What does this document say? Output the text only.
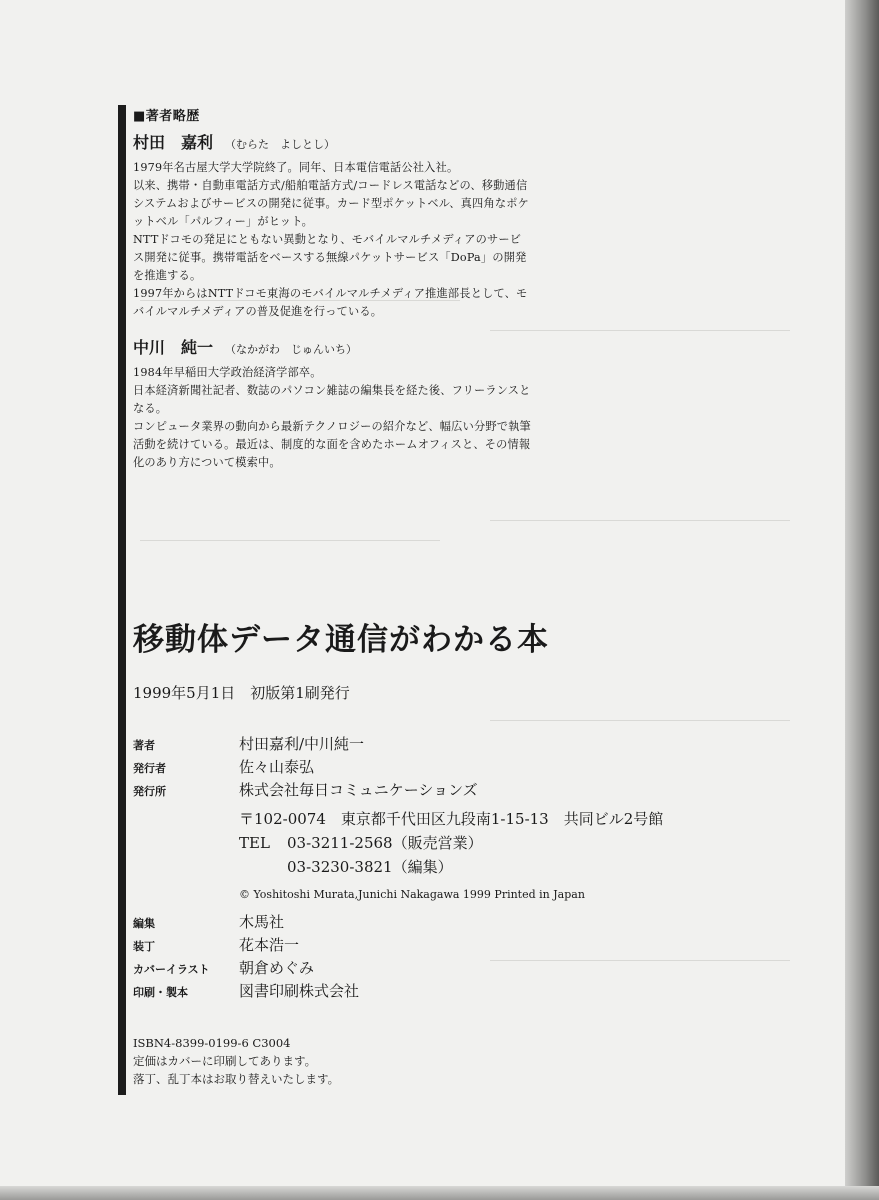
■著者略歴
村田　嘉利 （むらた　よしとし）

1979年名古屋大学大学院終了。同年、日本電信電話公社入社。

以来、携帯・自動車電話方式/船舶電話方式/コードレス電話などの、移動通信

システムおよびサービスの開発に従事。カード型ポケットベル、真四角なポケ

ットベル「パルフィー」がヒット。

NTTドコモの発足にともない異動となり、モバイルマルチメディアのサービ

ス開発に従事。携帯電話をベースする無線パケットサービス「DoPa」の開発

を推進する。

1997年からはNTTドコモ東海のモバイルマルチメディア推進部長として、モ

バイルマルチメディアの普及促進を行っている。

中川　純一 （なかがわ　じゅんいち）

1984年早稲田大学政治経済学部卒。

日本経済新聞社記者、数誌のパソコン雑誌の編集長を経た後、フリーランスと

なる。

コンピュータ業界の動向から最新テクノロジーの紹介など、幅広い分野で執筆

活動を続けている。最近は、制度的な面を含めたホームオフィスと、その情報

化のあり方について模索中。

移動体データ通信がわかる本
1999年5月1日　初版第1刷発行
著者	村田嘉利/中川純一
発行者	佐々山泰弘
発行所	株式会社毎日コミュニケーションズ
〒102-0074　東京都千代田区九段南1-15-13　共同ビル2号館
TEL 03-3211-2568（販売営業）
03-3230-3821（編集）
© Yoshitoshi Murata,Junichi Nakagawa 1999 Printed in Japan
編集	木馬社
装丁	花本浩一
カバーイラスト 朝倉めぐみ
印刷・製本	図書印刷株式会社
ISBN4-8399-0199-6 C3004
定価はカバーに印刷してあります。
落丁、乱丁本はお取り替えいたします。
